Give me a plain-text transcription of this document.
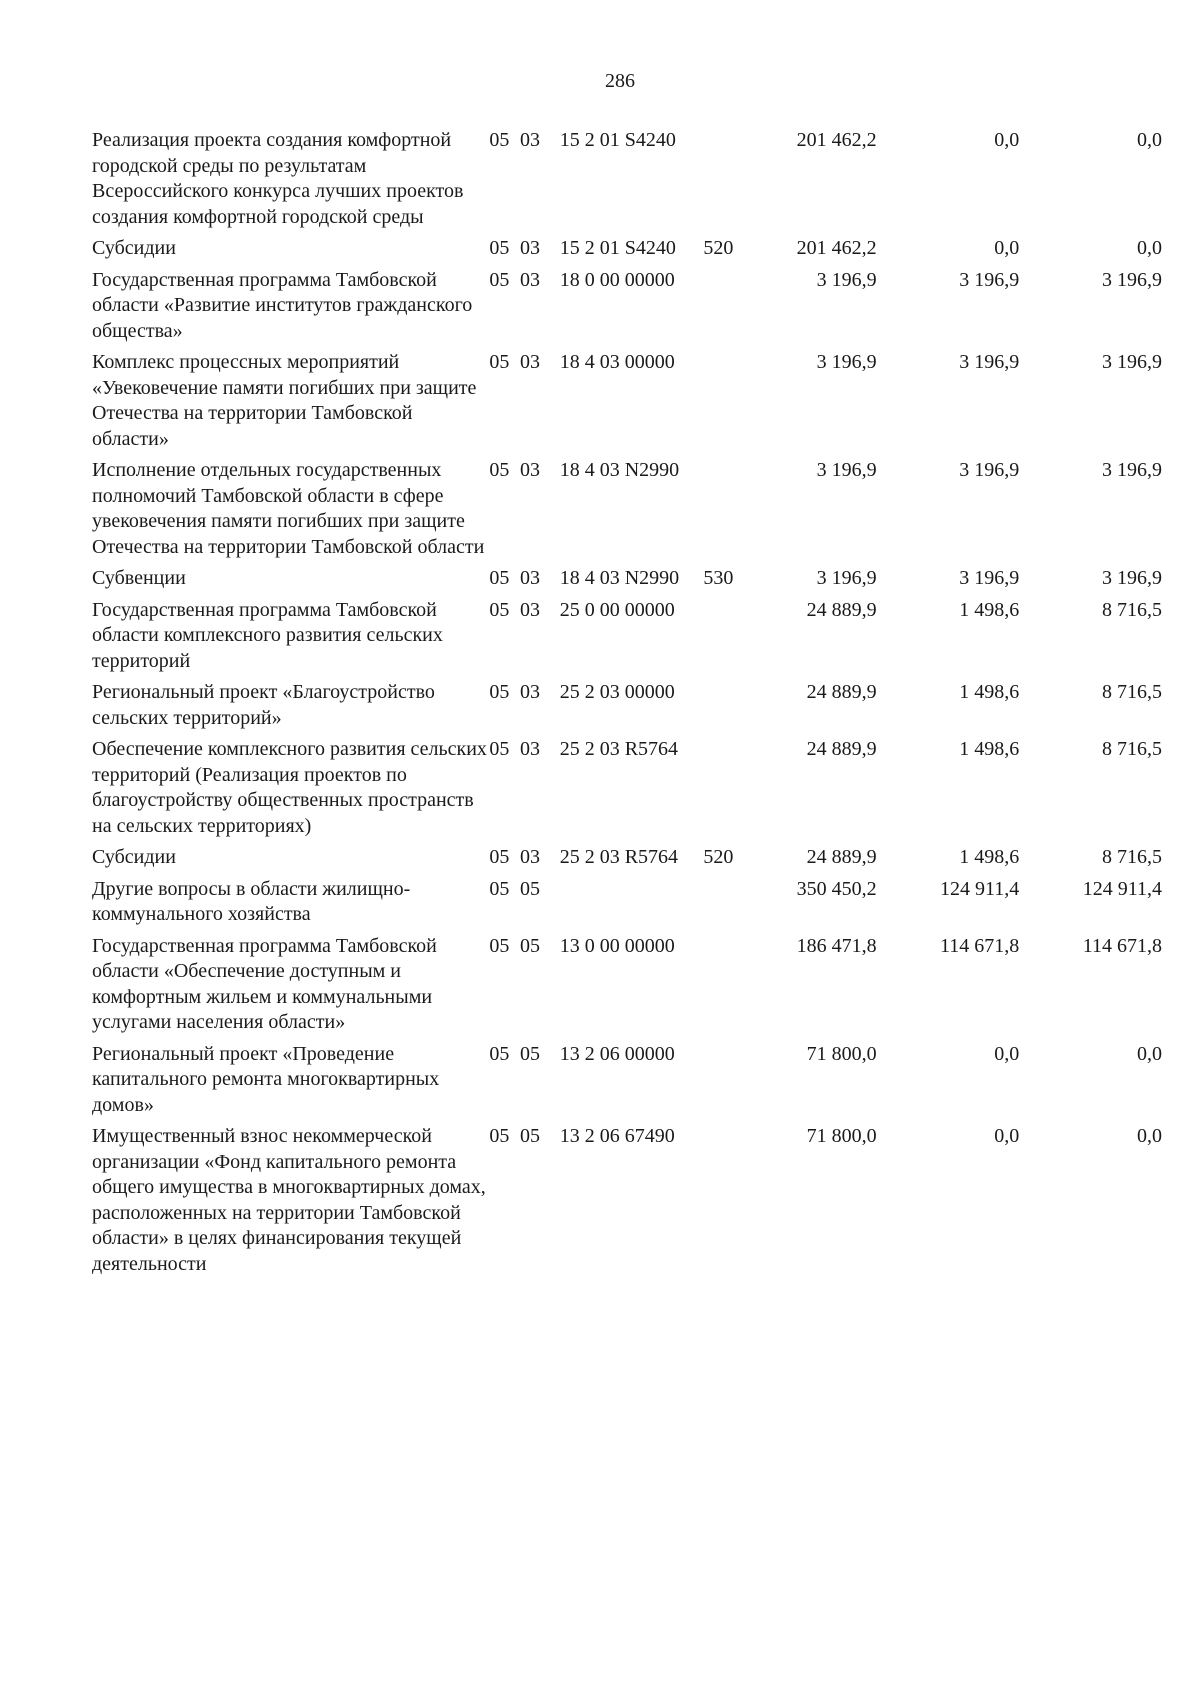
286
Реализация проекта создания комфортной городской среды по результатам Всероссийского конкурса лучших проектов создания комфортной городской среды	05	03	15 2 01 S4240		201 462,2	0,0	0,0
Субсидии	05	03	15 2 01 S4240	520	201 462,2	0,0	0,0
Государственная программа Тамбовской области «Развитие институтов гражданского общества»	05	03	18 0 00 00000		3 196,9	3 196,9	3 196,9
Комплекс процессных мероприятий «Увековечение памяти погибших при защите Отечества на территории Тамбовской области»	05	03	18 4 03 00000		3 196,9	3 196,9	3 196,9
Исполнение отдельных государственных полномочий Тамбовской области в сфере увековечения памяти погибших при защите Отечества на территории Тамбовской области	05	03	18 4 03 N2990		3 196,9	3 196,9	3 196,9
Субвенции	05	03	18 4 03 N2990	530	3 196,9	3 196,9	3 196,9
Государственная программа Тамбовской области комплексного развития сельских территорий	05	03	25 0 00 00000		24 889,9	1 498,6	8 716,5
Региональный проект «Благоустройство сельских территорий»	05	03	25 2 03 00000		24 889,9	1 498,6	8 716,5
Обеспечение комплексного развития сельских территорий (Реализация проектов по благоустройству общественных пространств на сельских территориях)	05	03	25 2 03 R5764		24 889,9	1 498,6	8 716,5
Субсидии	05	03	25 2 03 R5764	520	24 889,9	1 498,6	8 716,5
Другие вопросы в области жилищно-коммунального хозяйства	05	05			350 450,2	124 911,4	124 911,4
Государственная программа Тамбовской области «Обеспечение доступным и комфортным жильем и коммунальными услугами населения области»	05	05	13 0 00 00000		186 471,8	114 671,8	114 671,8
Региональный проект «Проведение капитального ремонта многоквартирных домов»	05	05	13 2 06 00000		71 800,0	0,0	0,0
Имущественный взнос некоммерческой организации «Фонд капитального ремонта общего имущества в многоквартирных домах, расположенных на территории Тамбовской области» в целях финансирования текущей деятельности	05	05	13 2 06 67490		71 800,0	0,0	0,0
